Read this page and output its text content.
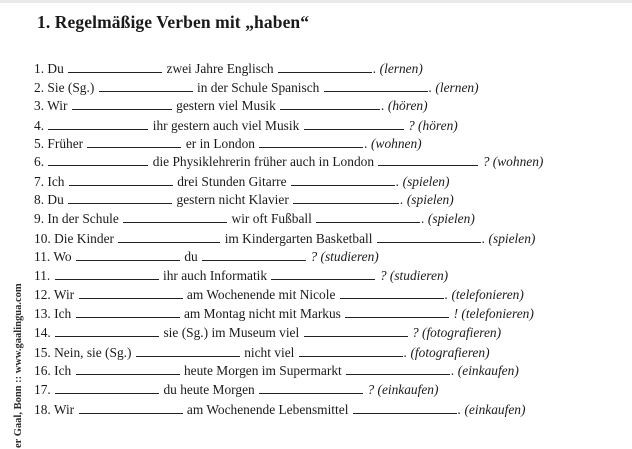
1. Regelmäßige Verben mit „haben“
er Gaal, Bonn :: www.gaalingua.com
1. Du	zwei Jahre Englisch	. (lernen)
2. Sie (Sg.)	in der Schule Spanisch	. (lernen)
3. Wir	gestern viel Musik	. (hören)
4.	ihr gestern auch viel Musik	? (hören)
5. Früher	er in London	. (wohnen)
6.	die Physiklehrerin früher auch in London	? (wohnen)
7. Ich	drei Stunden Gitarre	. (spielen)
8. Du	gestern nicht Klavier	. (spielen)
9. In der Schule	wir oft Fußball	. (spielen)
10. Die Kinder	im Kindergarten Basketball	. (spielen)
11. Wo	du	? (studieren)
11.	ihr auch Informatik	? (studieren)
12. Wir	am Wochenende mit Nicole	. (telefonieren)
13. Ich	am Montag nicht mit Markus	! (telefonieren)
14.	sie (Sg.) im Museum viel	? (fotografieren)
15. Nein, sie (Sg.)	nicht viel	. (fotografieren)
16. Ich	heute Morgen im Supermarkt	. (einkaufen)
17.	du heute Morgen	? (einkaufen)
18. Wir	am Wochenende Lebensmittel	. (einkaufen)
